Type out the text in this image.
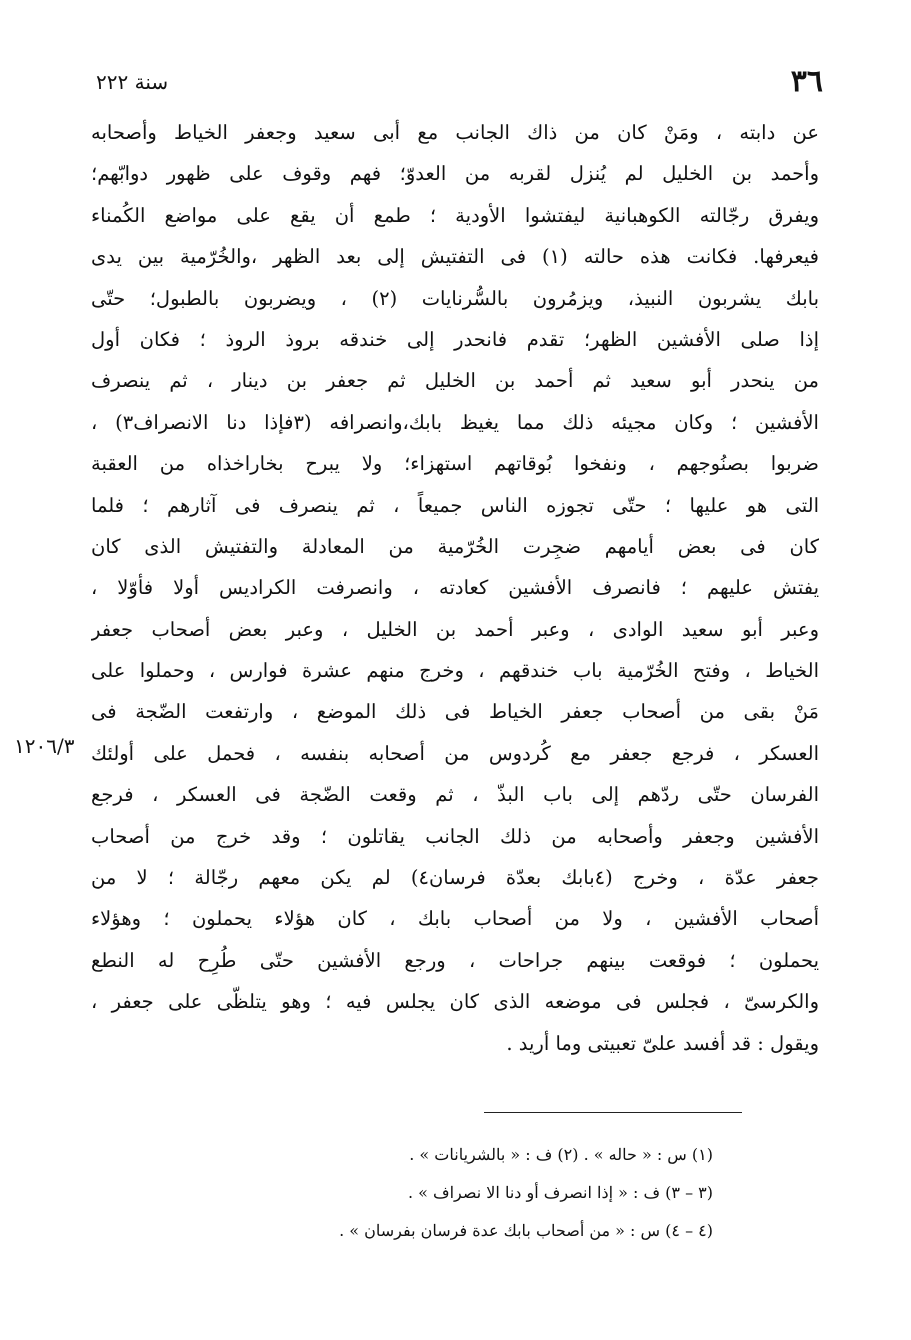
٣٦
سنة ٢٢٢
عن دابته ، ومَنْ كان من ذاك الجانب مع أبى سعيد وجعفر الخياط وأصحابه
وأحمد بن الخليل لم يُنزل لقربه من العدوّ؛ فهم وقوف على ظهور دوابّهم؛
ويفرق رجّالته الكوهبانية ليفتشوا الأودية ؛ طمع أن يقع على مواضع الكُمناء
فيعرفها. فكانت هذه حالته (١) فى التفتيش إلى بعد الظهر ،والخُرّمية بين يدى
بابك يشربون النبيذ، ويزمُرون بالسُّرنايات (٢) ، ويضربون بالطبول؛ حتّى
إذا صلى الأفشين الظهر؛ تقدم فانحدر إلى خندقه بروذ الروذ ؛ فكان أول
من ينحدر أبو سعيد ثم أحمد بن الخليل ثم جعفر بن دينار ، ثم ينصرف
الأفشين ؛ وكان مجيئه ذلك مما يغيظ بابك،وانصرافه (٣فإذا دنا الانصراف٣) ،
ضربوا بصنُوجهم ، ونفخوا بُوقاتهم استهزاء؛ ولا يبرح بخاراخذاه من العقبة
التى هو عليها ؛ حتّى تجوزه الناس جميعاً ، ثم ينصرف فى آثارهم ؛ فلما
كان فى بعض أيامهم ضجِرت الخُرّمية من المعادلة والتفتيش الذى كان
يفتش عليهم ؛ فانصرف الأفشين كعادته ، وانصرفت الكراديس أولا فأوّلا ،
وعبر أبو سعيد الوادى ، وعبر أحمد بن الخليل ، وعبر بعض أصحاب جعفر
الخياط ، وفتح الخُرّمية باب خندقهم ، وخرج منهم عشرة فوارس ، وحملوا على
مَنْ بقى من أصحاب جعفر الخياط فى ذلك الموضع ، وارتفعت الضّجة فى
العسكر ، فرجع جعفر مع كُردوس من أصحابه بنفسه ، فحمل على أولئك
الفرسان حتّى ردّهم إلى باب البذّ ، ثم وقعت الضّجة فى العسكر ، فرجع
الأفشين وجعفر وأصحابه من ذلك الجانب يقاتلون ؛ وقد خرج من أصحاب
جعفر عدّة ، وخرج (٤بابك بعدّة فرسان٤) لم يكن معهم رجّالة ؛ لا من
أصحاب الأفشين ، ولا من أصحاب بابك ، كان هؤلاء يحملون ؛ وهؤلاء
يحملون ؛ فوقعت بينهم جراحات ، ورجع الأفشين حتّى طُرِح له النطع
والكرسىّ ، فجلس فى موضعه الذى كان يجلس فيه ؛ وهو يتلظّى على جعفر ،
ويقول : قد أفسد علىّ تعبيتى وما أريد .
١٢٠٦/٣
(١) س : « حاله » . (٢) ف : « بالشريانات » .
(٣ – ٣) ف : « إذا انصرف أو دنا الا نصراف » .
(٤ – ٤) س : « من أصحاب بابك عدة فرسان بفرسان » .
